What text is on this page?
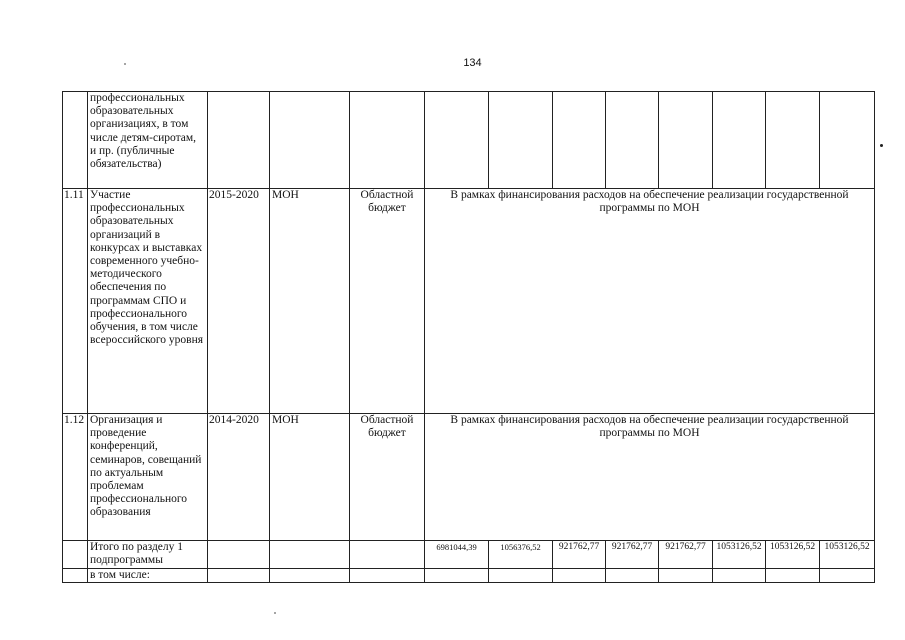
134
	профессиональных образовательных организациях, в том числе детям-сиротам, и пр. (публичные обязательства)											
1.11	Участие профессиональных образовательных организаций в конкурсах и выставках современного учебно-методического обеспечения по программам СПО и профессионального обучения, в том числе всероссийского уровня	2015-2020	МОН	Областной бюджет	В рамках финансирования расходов на обеспечение реализации государственной программы по МОН							
1.12	Организация и проведение конференций, семинаров, совещаний по актуальным проблемам профессионального образования	2014-2020	МОН	Областной бюджет	В рамках финансирования расходов на обеспечение реализации государственной программы по МОН							
	Итого по разделу 1 подпрограммы				6981044,39	1056376,52	921762,77	921762,77	921762,77	1053126,52	1053126,52	1053126,52
	в том числе:											
